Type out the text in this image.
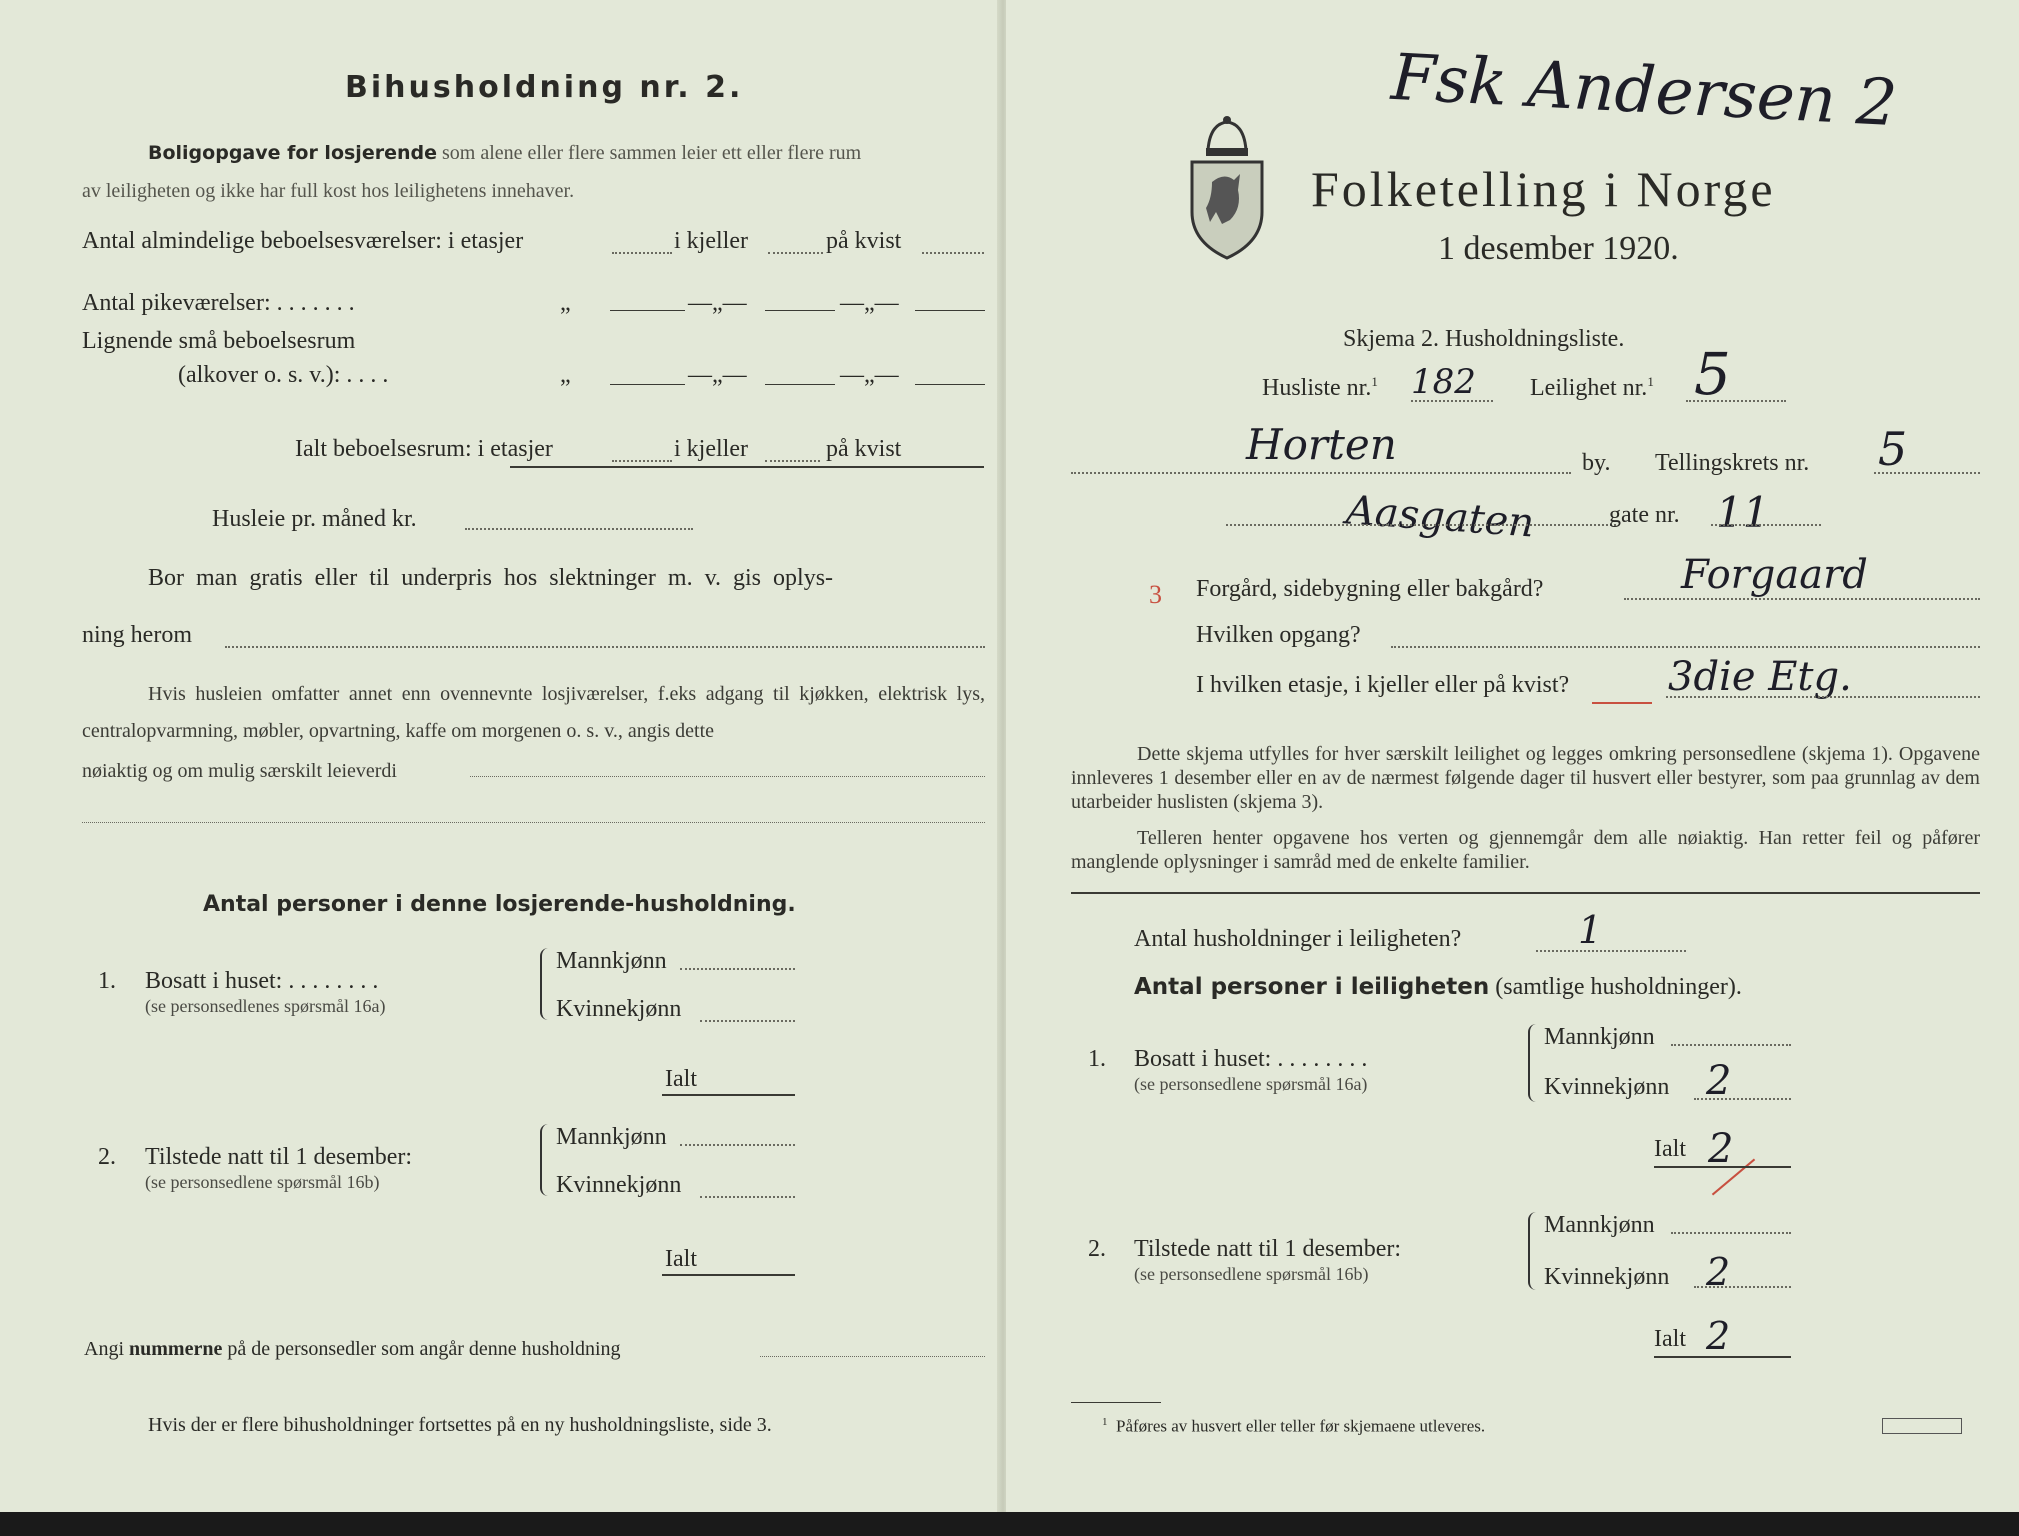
Bihusholdning nr. 2.
Boligopgave for losjerende som alene eller flere sammen leier ett eller flere rum
av leiligheten og ikke har full kost hos leilighetens innehaver.
Antal almindelige beboelsesværelser: i etasjer	i kjeller	på kvist
Antal pikeværelser: . . . . . . .	„	—„—	—„—
Lignende små beboelsesrum
(alkover o. s. v.): . . . .	„	—„—	—„—
Ialt beboelsesrum: i etasjer	i kjeller	på kvist
Husleie pr. måned kr.
Bor man gratis eller til underpris hos slektninger m. v. gis oplys-
ning herom

Hvis husleien omfatter annet enn ovennevnte losjiværelser, f.eks adgang til kjøkken, elektrisk lys, centralopvarmning, møbler, opvartning, kaffe om morgenen o. s. v., angis dette

nøiaktig og om mulig særskilt leieverdi
Antal personer i denne losjerende-husholdning.
1. Bosatt i huset: . . . . . . . .
(se personsedlenes spørsmål 16a)
Mannkjønn
Kvinnekjønn
Ialt
2. Tilstede natt til 1 desember:
(se personsedlene spørsmål 16b)
Mannkjønn
Kvinnekjønn
Ialt
Angi nummerne på de personsedler som angår denne husholdning
Hvis der er flere bihusholdninger fortsettes på en ny husholdningsliste, side 3.
Fsk Andersen 2
Folketelling i Norge
1 desember 1920.
Skjema 2. Husholdningsliste.
Husliste nr.$^1$ 182 Leilighet nr.$^1$ 5
Horten	by. Tellingskrets nr. 5
Aasgaten	gate nr. 11
3 Forgård, sidebygning eller bakgård?	Forgaard
Hvilken opgang?
I hvilken etasje, i kjeller eller på kvist? 3die Etg.

Dette skjema utfylles for hver særskilt leilighet og legges omkring personsedlene (skjema 1). Opgavene innleveres 1 desember eller en av de nærmest følgende dager til husvert eller bestyrer, som paa grunnlag av dem utarbeider huslisten (skjema 3).

Telleren henter opgavene hos verten og gjennemgår dem alle nøiaktig. Han retter feil og påfører manglende oplysninger i samråd med de enkelte familier.

Antal husholdninger i leiligheten?	1
Antal personer i leiligheten (samtlige husholdninger).
1. Bosatt i huset: . . . . . . . .
(se personsedlene spørsmål 16a)
Mannkjønn
Kvinnekjønn 2
Ialt 2
2. Tilstede natt til 1 desember:
(se personsedlene spørsmål 16b)
Mannkjønn
Kvinnekjønn 2
Ialt 2
$^1$ Påføres av husvert eller teller før skjemaene utleveres.
